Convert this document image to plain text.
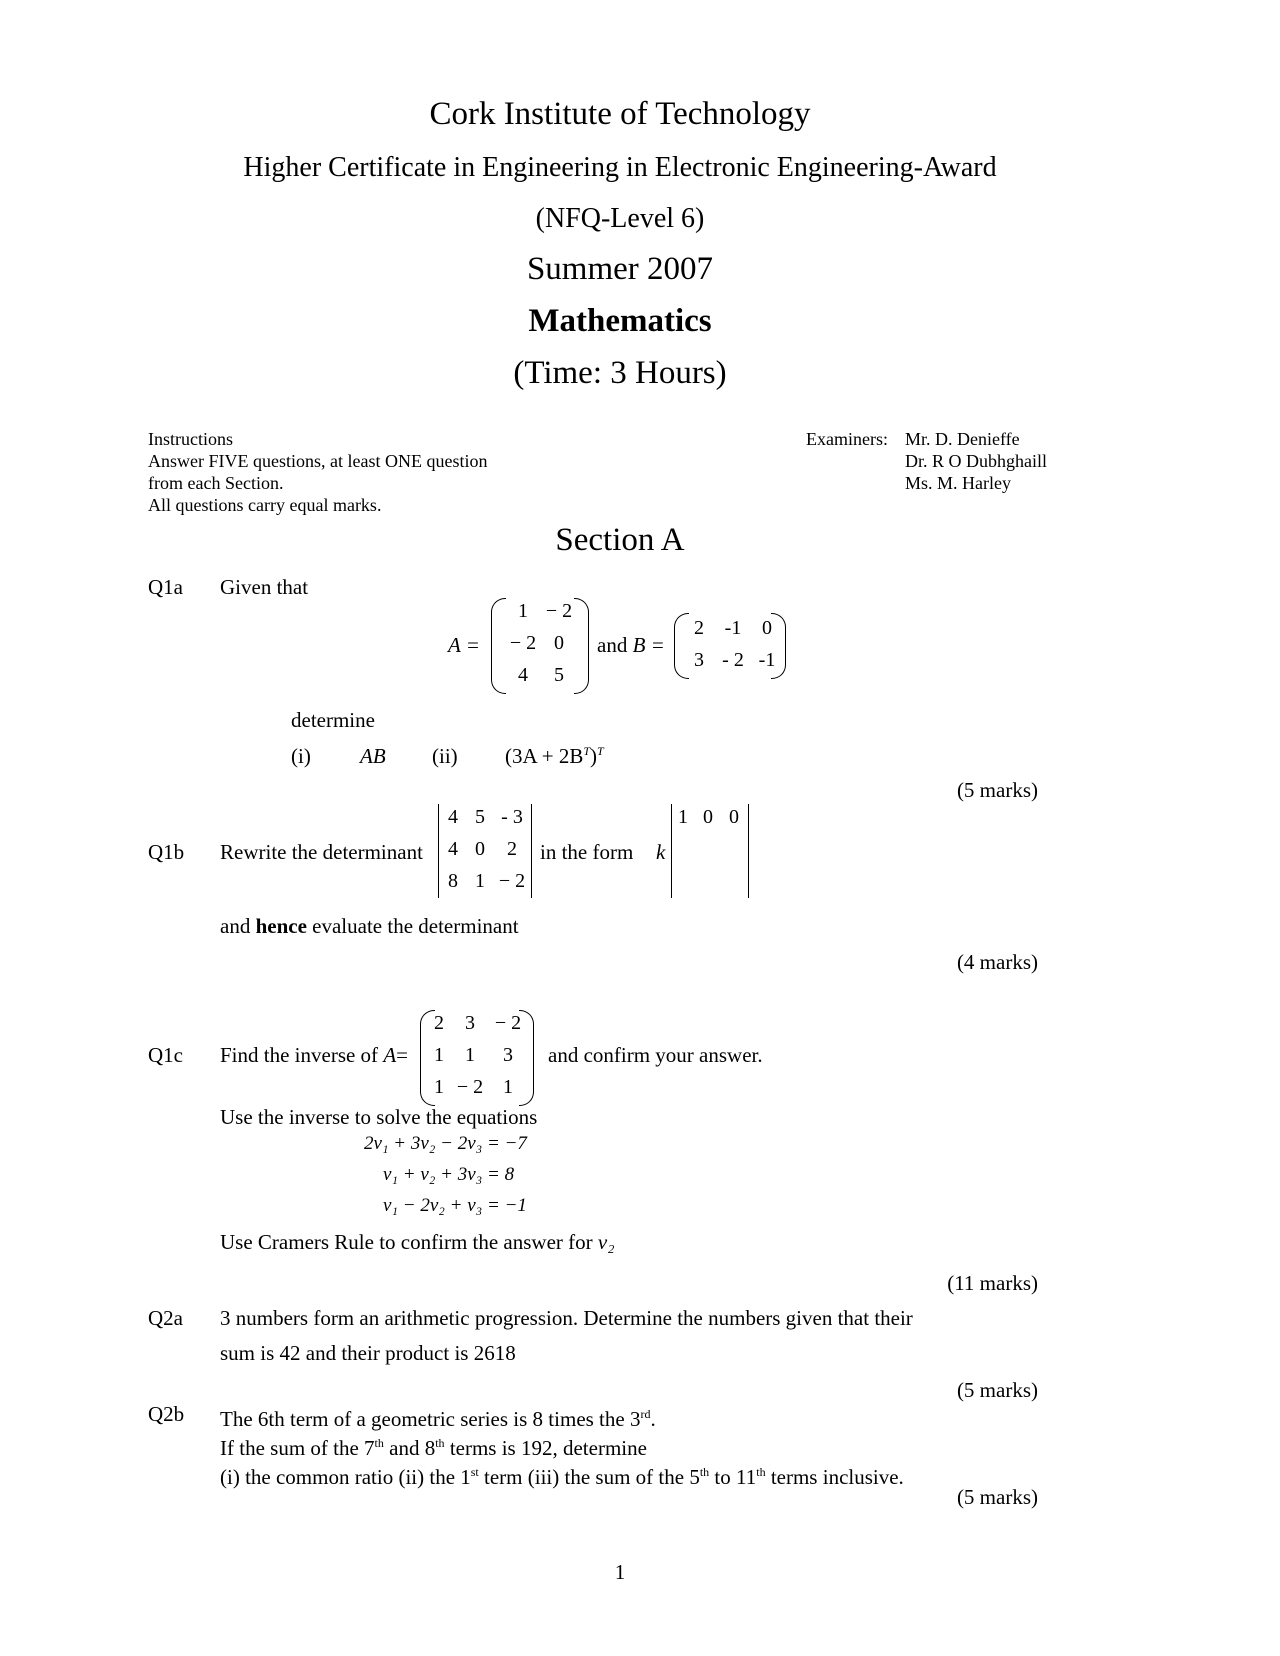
Cork Institute of Technology
Higher Certificate in Engineering in Electronic Engineering-Award
(NFQ-Level 6)
Summer 2007
Mathematics
(Time: 3 Hours)
Instructions
Answer FIVE questions, at least ONE question
from each Section.
All questions carry equal marks.
Examiners: Mr. D. Denieffe
Dr. R O Dubhghaill
Ms. M. Harley
Section A
Q1a Given that
A =
1 − 2
− 2 0
4	5
and B =
2	-1	0
3 - 2 -1
determine
(i) AB (ii) $(3A + 2B^T)^T$
(5 marks)
Q1b Rewrite the determinant
4 5 - 3
4 0	2
8 1 − 2
in the form k
1 0 0
and hence evaluate the determinant
(4 marks)
Q1c Find the inverse of A=
2	3 − 2
1	1	3
1 − 2 1
and confirm your answer.
Use the inverse to solve the equations
2v₁ + 3v₂ − 2v₃ = −7
v₁ + v₂ + 3v₃ = 8
v₁ − 2v₂ + v₃ = −1
Use Cramers Rule to confirm the answer for v₂
(11 marks)
Q2a 3 numbers form an arithmetic progression. Determine the numbers given that their
sum is 42 and their product is 2618
(5 marks)
Q2b The 6th term of a geometric series is 8 times the 3rd.
If the sum of the 7th and 8th terms is 192, determine
(i) the common ratio (ii) the 1st term (iii) the sum of the 5th to 11th terms inclusive.
(5 marks)
1
